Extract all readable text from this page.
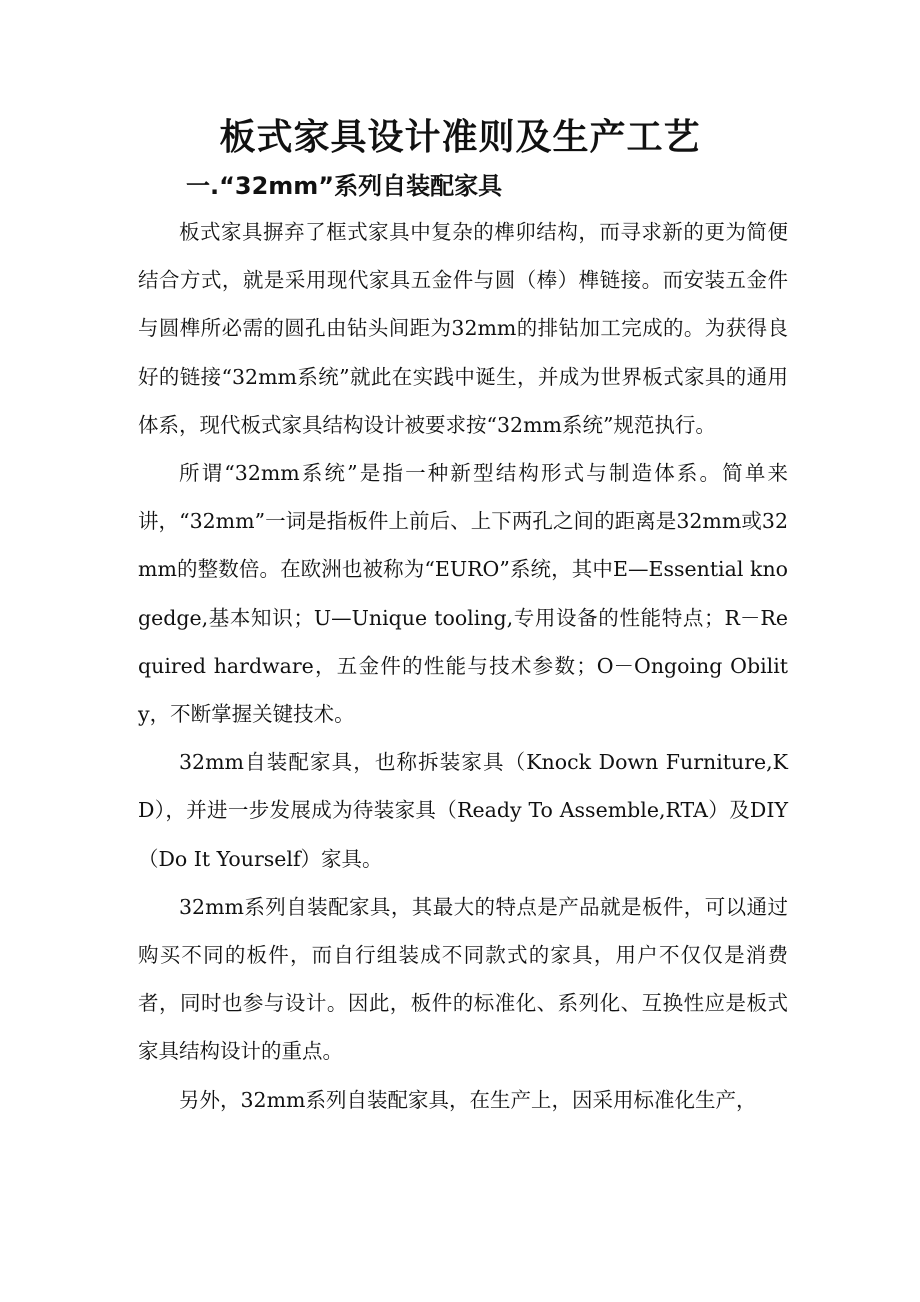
板式家具设计准则及生产工艺
一.“32mm”系列自装配家具

板式家具摒弃了框式家具中复杂的榫卯结构，而寻求新的更为简便结合方式，就是采用现代家具五金件与圆（棒）榫链接。而安装五金件与圆榫所必需的圆孔由钻头间距为32mm的排钻加工完成的。为获得良好的链接“32mm系统”就此在实践中诞生，并成为世界板式家具的通用体系，现代板式家具结构设计被要求按“32mm系统”规范执行。

所谓“32mm系统”是指一种新型结构形式与制造体系。简单来讲，“32mm”一词是指板件上前后、上下两孔之间的距离是32mm或32mm的整数倍。在欧洲也被称为“EURO”系统，其中E—Essential knogedge,基本知识；U—Unique tooling,专用设备的性能特点；R－Required hardware，五金件的性能与技术参数；O－Ongoing Obility，不断掌握关键技术。

32mm自装配家具，也称拆装家具（Knock Down Furniture,KD），并进一步发展成为待装家具（Ready To Assemble,RTA）及DIY（Do It Yourself）家具。

32mm系列自装配家具，其最大的特点是产品就是板件，可以通过购买不同的板件，而自行组装成不同款式的家具，用户不仅仅是消费者，同时也参与设计。因此，板件的标准化、系列化、互换性应是板式家具结构设计的重点。

另外，32mm系列自装配家具，在生产上，因采用标准化生产，
